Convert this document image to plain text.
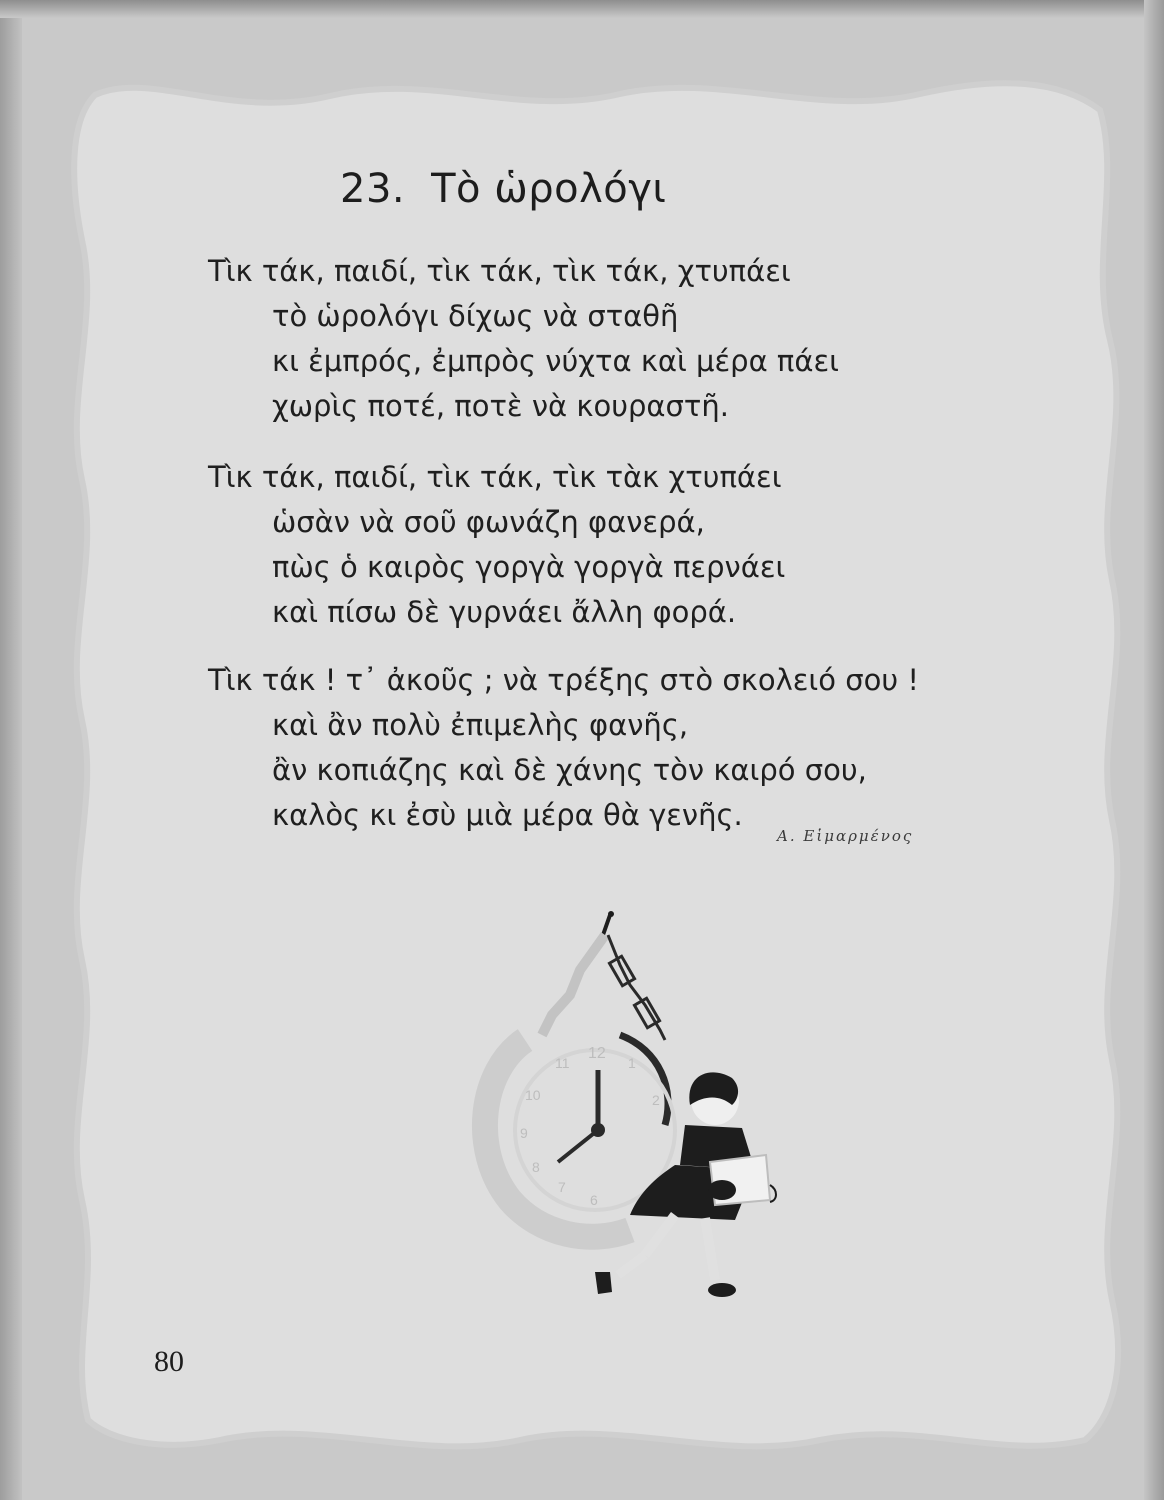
23. Τὸ ὡρολόγι
Τὶκ τάκ, παιδί, τὶκ τάκ, τὶκ τάκ, χτυπάει
τὸ ὡρολόγι δίχως νὰ σταθῆ
κι ἐμπρός, ἐμπρὸς νύχτα καὶ μέρα πάει
χωρὶς ποτέ, ποτὲ νὰ κουραστῆ.
Τὶκ τάκ, παιδί, τὶκ τάκ, τὶκ τὰκ χτυπάει
ὡσὰν νὰ σοῦ φωνάζη φανερά,
πὼς ὁ καιρὸς γοργὰ γοργὰ περνάει
καὶ πίσω δὲ γυρνάει ἄλλη φορά.
Τὶκ τάκ ! τ᾽ ἀκοῦς ; νὰ τρέξης στὸ σκολειό σου !
καὶ ἂν πολὺ ἐπιμελὴς φανῆς,
ἂν κοπιάζης καὶ δὲ χάνης τὸν καιρό σου,
καλὸς κι ἐσὺ μιὰ μέρα θὰ γενῆς.
Α. Εἱμαρμένος
12
11
10
9
8
7
6
1
2
80
